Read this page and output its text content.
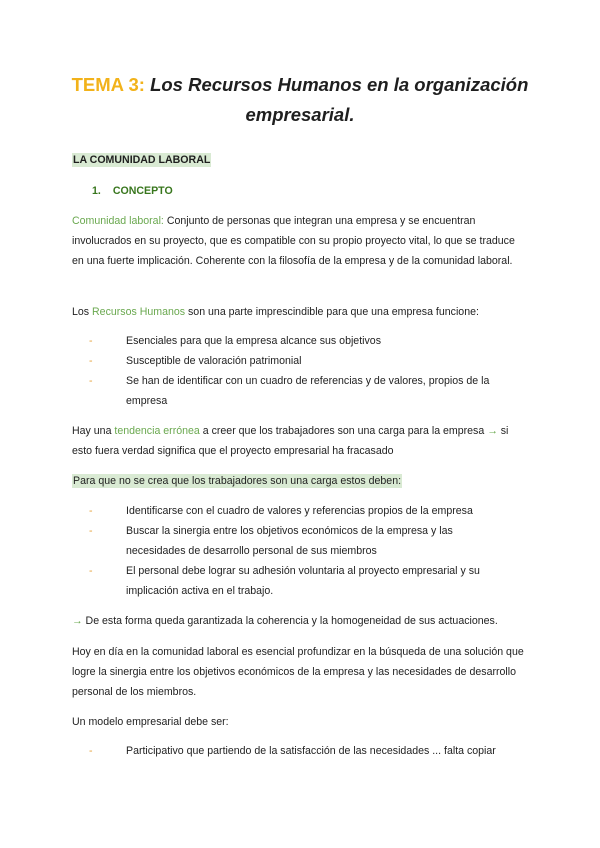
TEMA 3: Los Recursos Humanos en la organización empresarial.
LA COMUNIDAD LABORAL
1. CONCEPTO

Comunidad laboral: Conjunto de personas que integran una empresa y se encuentran involucrados en su proyecto, que es compatible con su propio proyecto vital, lo que se traduce en una fuerte implicación. Coherente con la filosofía de la empresa y de la comunidad laboral.

Los Recursos Humanos son una parte imprescindible para que una empresa funcione:

-	Esenciales para que la empresa alcance sus objetivos
-	Susceptible de valoración patrimonial
-	Se han de identificar con un cuadro de referencias y de valores, propios de la empresa

Hay una tendencia errónea a creer que los trabajadores son una carga para la empresa → si esto fuera verdad significa que el proyecto empresarial ha fracasado

Para que no se crea que los trabajadores son una carga estos deben:

-	Identificarse con el cuadro de valores y referencias propios de la empresa
-	Buscar la sinergia entre los objetivos económicos de la empresa y las necesidades de desarrollo personal de sus miembros
-	El personal debe lograr su adhesión voluntaria al proyecto empresarial y su implicación activa en el trabajo.

→ De esta forma queda garantizada la coherencia y la homogeneidad de sus actuaciones.

Hoy en día en la comunidad laboral es esencial profundizar en la búsqueda de una solución que logre la sinergia entre los objetivos económicos de la empresa y las necesidades de desarrollo personal de los miembros.

Un modelo empresarial debe ser:

-	Participativo que partiendo de la satisfacción de las necesidades ... falta copiar
